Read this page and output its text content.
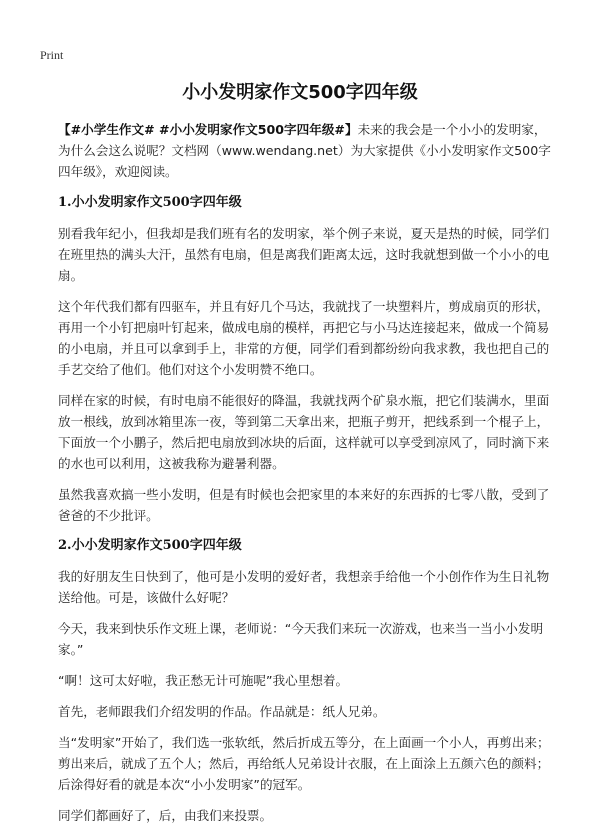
Print
小小发明家作文500字四年级

【#小学生作文# #小小发明家作文500字四年级#】未来的我会是一个小小的发明家，为什么会这么说呢？文档网（www.wendang.net）为大家提供《小小发明家作文500字四年级》，欢迎阅读。

1.小小发明家作文500字四年级

别看我年纪小，但我却是我们班有名的发明家，举个例子来说，夏天是热的时候，同学们在班里热的满头大汗，虽然有电扇，但是离我们距离太远，这时我就想到做一个小小的电扇。

这个年代我们都有四驱车，并且有好几个马达，我就找了一块塑料片，剪成扇页的形状，再用一个小钉把扇叶钉起来，做成电扇的模样，再把它与小马达连接起来，做成一个简易的小电扇，并且可以拿到手上，非常的方便，同学们看到都纷纷向我求教，我也把自己的手艺交给了他们。他们对这个小发明赞不绝口。

同样在家的时候，有时电扇不能很好的降温，我就找两个矿泉水瓶，把它们装满水，里面放一根线，放到冰箱里冻一夜，等到第二天拿出来，把瓶子剪开，把线系到一个棍子上，下面放一个小鹏子，然后把电扇放到冰块的后面，这样就可以享受到凉风了，同时滴下来的水也可以利用，这被我称为避暑利器。

虽然我喜欢搞一些小发明，但是有时候也会把家里的本来好的东西拆的七零八散，受到了爸爸的不少批评。

2.小小发明家作文500字四年级

我的好朋友生日快到了，他可是小发明的爱好者，我想亲手给他一个小创作作为生日礼物送给他。可是，该做什么好呢？

今天，我来到快乐作文班上课，老师说：“今天我们来玩一次游戏，也来当一当小小发明家。”

“啊！这可太好啦，我正愁无计可施呢”我心里想着。

首先，老师跟我们介绍发明的作品。作品就是：纸人兄弟。

当“发明家”开始了，我们选一张软纸，然后折成五等分，在上面画一个小人，再剪出来；剪出来后，就成了五个人；然后，再给纸人兄弟设计衣服，在上面涂上五颜六色的颜料；后涂得好看的就是本次“小小发明家”的冠军。

同学们都画好了，后，由我们来投票。
